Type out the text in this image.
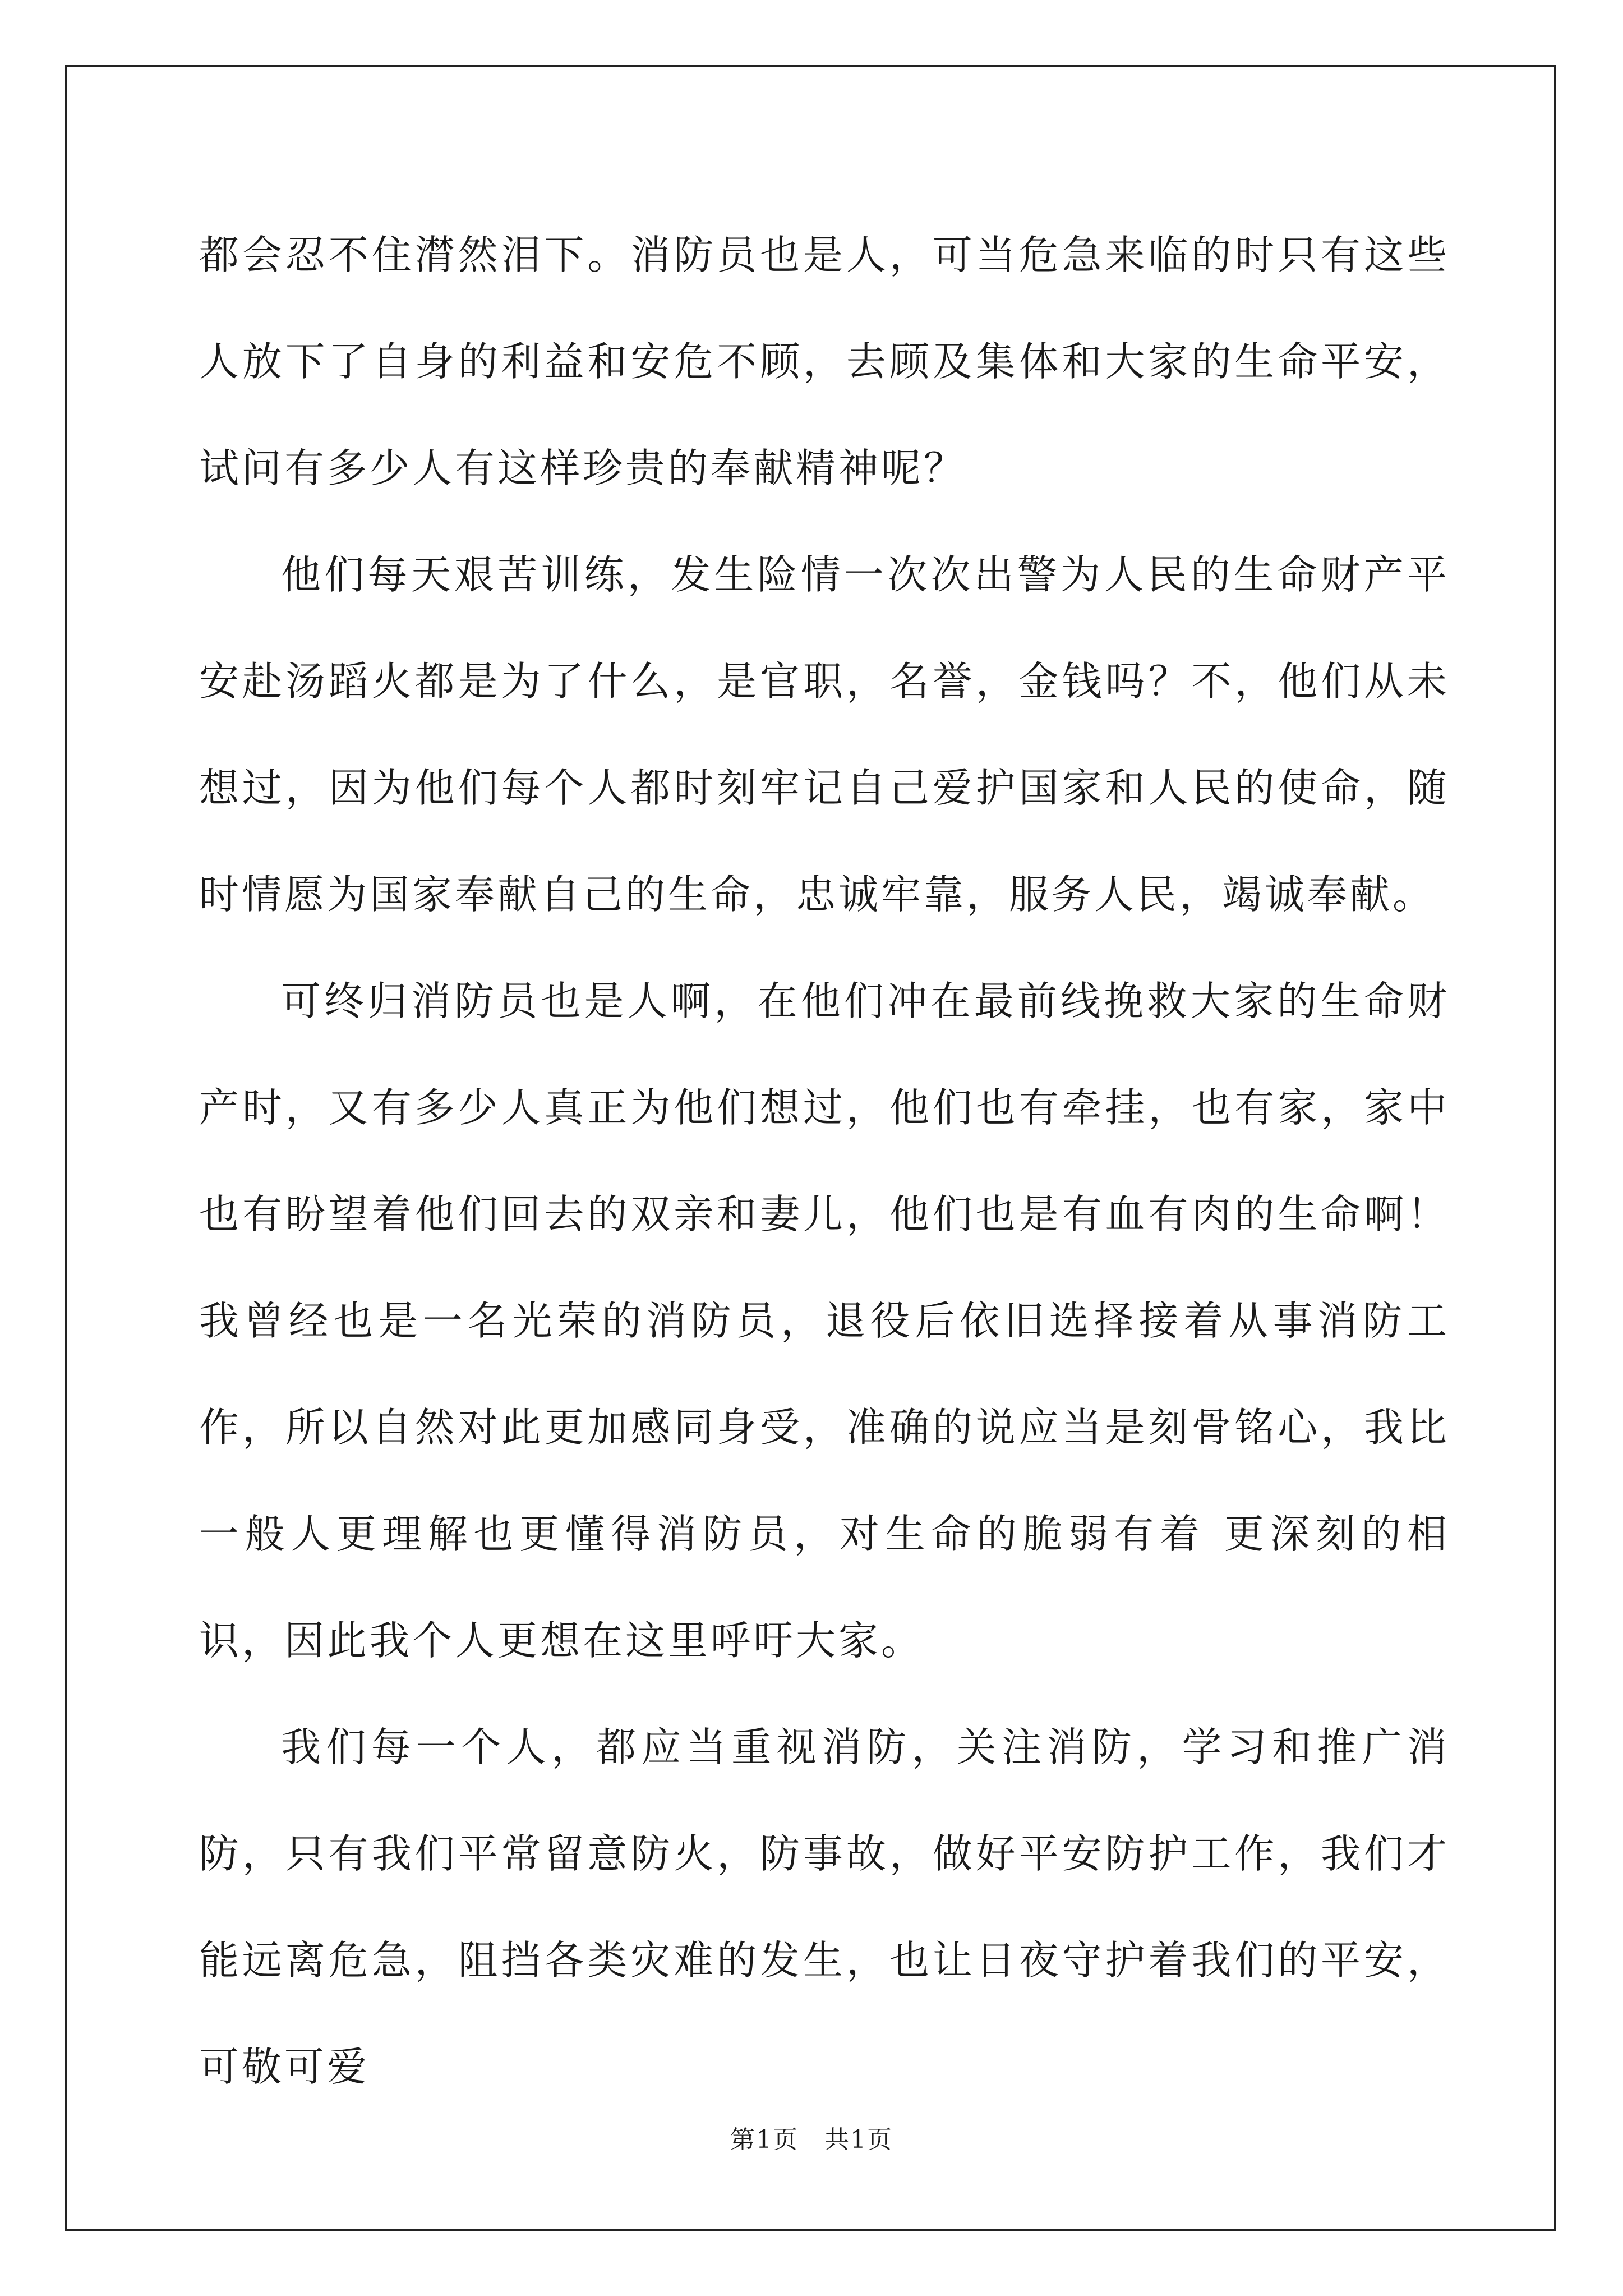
都会忍不住潸然泪下。消防员也是人，可当危急来临的时只有这些人放下了自身的利益和安危不顾，去顾及集体和大家的生命平安，试问有多少人有这样珍贵的奉献精神呢？

他们每天艰苦训练，发生险情一次次出警为人民的生命财产平安赴汤蹈火都是为了什么，是官职，名誉，金钱吗？不，他们从未想过，因为他们每个人都时刻牢记自己爱护国家和人民的使命，随时情愿为国家奉献自己的生命，忠诚牢靠，服务人民，竭诚奉献。

可终归消防员也是人啊，在他们冲在最前线挽救大家的生命财产时，又有多少人真正为他们想过，他们也有牵挂，也有家，家中也有盼望着他们回去的双亲和妻儿，他们也是有血有肉的生命啊！我曾经也是一名光荣的消防员，退役后依旧选择接着从事消防工作，所以自然对此更加感同身受，准确的说应当是刻骨铭心，我比一般人更理解也更懂得消防员，对生命的脆弱有着 更深刻的相识，因此我个人更想在这里呼吁大家。

我们每一个人，都应当重视消防，关注消防，学习和推广消防，只有我们平常留意防火，防事故，做好平安防护工作，我们才能远离危急，阻挡各类灾难的发生，也让日夜守护着我们的平安，可敬可爱

第1页　共1页
